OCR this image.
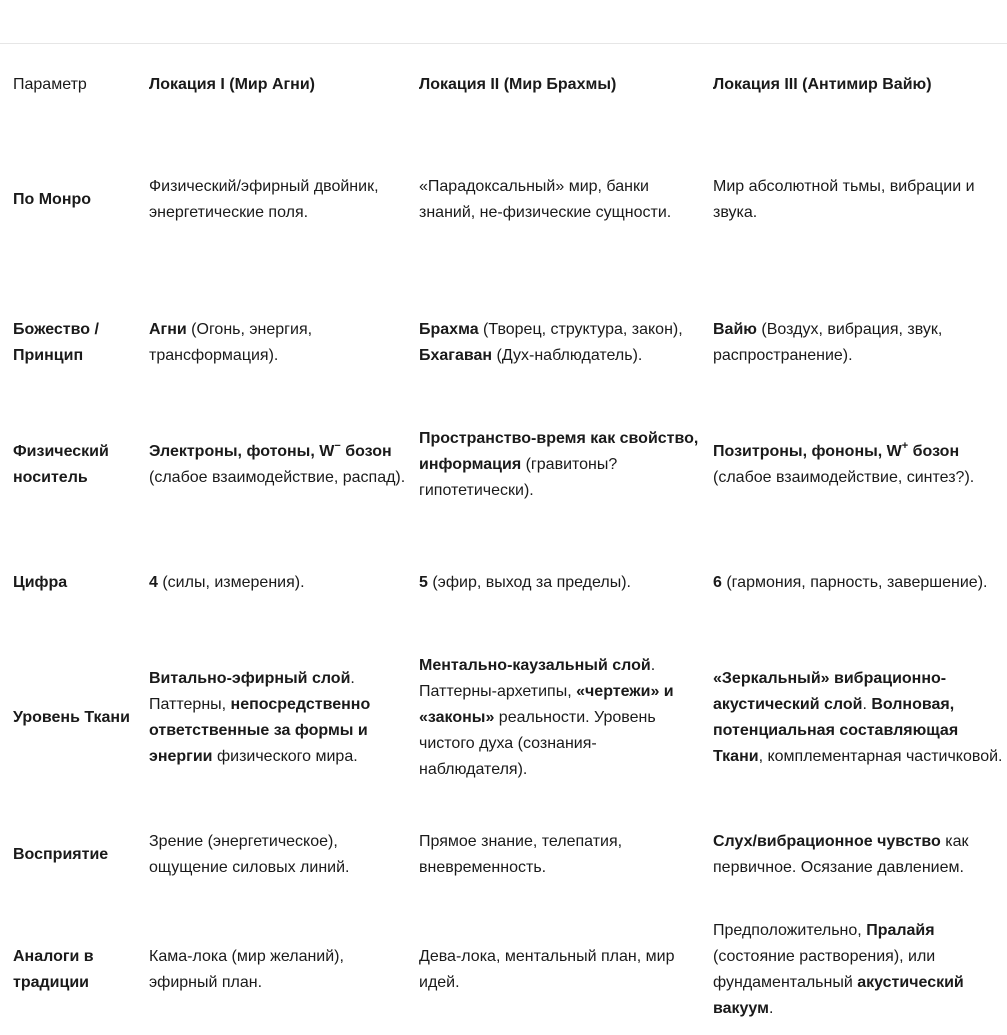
Параметр	Локация I (Мир Агни)	Локация II (Мир Брахмы)	Локация III (Антимир Вайю)
По Монро	Физический/эфирный двойник, энергетические поля.	«Парадоксальный» мир, банки знаний, не-физические сущности.	Мир абсолютной тьмы, вибрации и звука.
Божество / Принцип	Агни (Огонь, энергия, трансформация).	Брахма (Творец, структура, закон), Бхагаван (Дух-наблюдатель).	Вайю (Воздух, вибрация, звук, распространение).
Физический носитель	Электроны, фотоны, W− бозон (слабое взаимодействие, распад).	Пространство-время как свойство, информация (гравитоны? гипотетически).	Позитроны, фононы, W+ бозон (слабое взаимодействие, синтез?).
Цифра	4 (силы, измерения).	5 (эфир, выход за пределы).	6 (гармония, парность, завершение).
Уровень Ткани	Витально-эфирный слой. Паттерны, непосредственно ответственные за формы и энергии физического мира.	Ментально-каузальный слой. Паттерны-архетипы, «чертежи» и «законы» реальности. Уровень чистого духа (сознания-наблюдателя).	«Зеркальный» вибрационно-акустический слой. Волновая, потенциальная составляющая Ткани, комплементарная частичковой.
Восприятие	Зрение (энергетическое), ощущение силовых линий.	Прямое знание, телепатия, вневременность.	Слух/вибрационное чувство как первичное. Осязание давлением.
Аналоги в традиции	Кама-лока (мир желаний), эфирный план.	Дева-лока, ментальный план, мир идей.	Предположительно, Пралайя (состояние растворения), или фундаментальный акустический вакуум.
